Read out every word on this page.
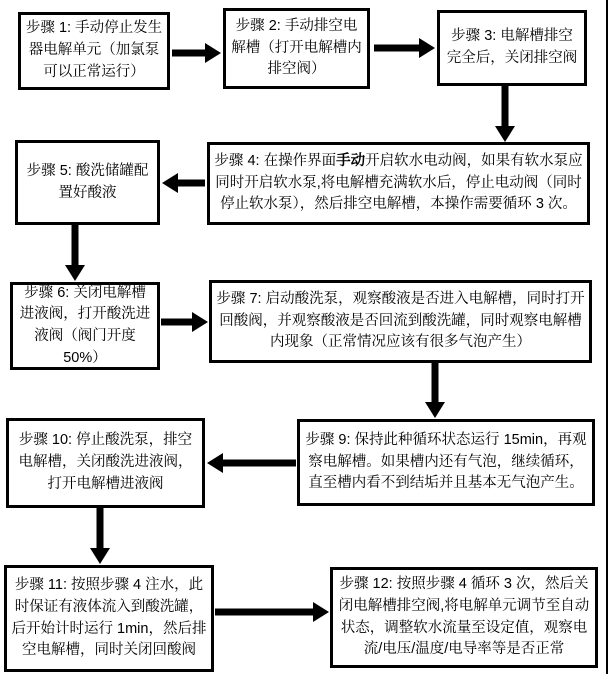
步骤 1: 手动停止发生器电解单元（加氯泵可以正常运行）
步骤 2: 手动排空电解槽（打开电解槽内排空阀）
步骤 3: 电解槽排空完全后，关闭排空阀
步骤 4: 在操作界面手动开启软水电动阀，如果有软水泵应同时开启软水泵,将电解槽充满软水后，停止电动阀（同时停止软水泵），然后排空电解槽，本操作需要循环 3 次。
步骤 5: 酸洗储罐配置好酸液
步骤 6: 关闭电解槽进液阀，打开酸洗进液阀（阀门开度 50%）
步骤 7: 启动酸洗泵，观察酸液是否进入电解槽，同时打开回酸阀，并观察酸液是否回流到酸洗罐，同时观察电解槽内现象（正常情况应该有很多气泡产生）
步骤 9: 保持此种循环状态运行 15min，再观察电解槽。如果槽内还有气泡，继续循环，直至槽内看不到结垢并且基本无气泡产生。
步骤 10: 停止酸洗泵，排空电解槽，关闭酸洗进液阀，打开电解槽进液阀
步骤 11: 按照步骤 4 注水，此时保证有液体流入到酸洗罐，后开始计时运行 1min，然后排空电解槽，同时关闭回酸阀
步骤 12: 按照步骤 4 循环 3 次，然后关闭电解槽排空阀,将电解单元调节至自动状态，调整软水流量至设定值，观察电流/电压/温度/电导率等是否正常
